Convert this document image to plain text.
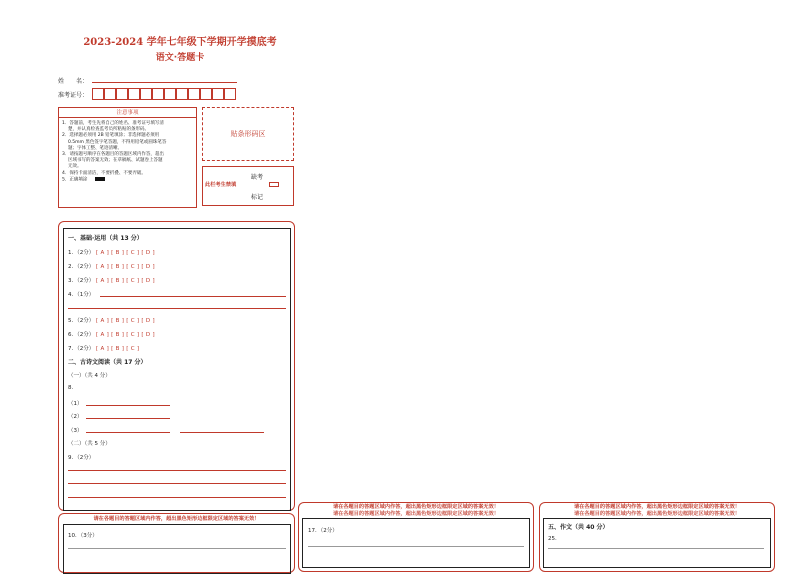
2023-2024 学年七年级下学期开学摸底考
语文·答题卡
姓　　名：
准考证号：
注意事项
1．答题前，考生先将自己的姓名、准考证号填写清
楚，并认真检查监考员所粘贴的条形码。
2．选择题必须用 2B 铅笔填涂；非选择题必须用
0.5mm 黑色签字笔答题，不得用铅笔或圆珠笔答
题；字体工整、笔迹清晰。
3．请按题号顺序在各题目的答题区域内作答，超出
区域书写的答案无效；在草稿纸、试题卷上答题
无效。
4．保持卡面清洁，不要折叠、不要弄破。
5．正确填涂
贴条形码区
缺考
此栏考生禁填
标记
一、基础·运用（共 13 分）
1．（2分） [ A ] [ B ] [ C ] [ D ]
2．（2分） [ A ] [ B ] [ C ] [ D ]
3．（2分） [ A ] [ B ] [ C ] [ D ]
4．（1分）
5．（2分） [ A ] [ B ] [ C ] [ D ]
6．（2分） [ A ] [ B ] [ C ] [ D ]
7．（2分） [ A ] [ B ] [ C ]
二、古诗文阅读（共 17 分）
（一）（共 4 分）
8.
（1）
（2）
（3）
（二）（共 5 分）
9．（2分）
请在各题目的答题区域内作答，超出黑色矩形边框限定区域的答案无效！
10．（3分）
请在各题目的答题区域内作答，超出黑色矩形边框限定区域的答案无效！
请在各题目的答题区域内作答，超出黑色矩形边框限定区域的答案无效！
17．（2分）
请在各题目的答题区域内作答，超出黑色矩形边框限定区域的答案无效！
请在各题目的答题区域内作答，超出黑色矩形边框限定区域的答案无效！
五、作文（共 40 分）
25.
